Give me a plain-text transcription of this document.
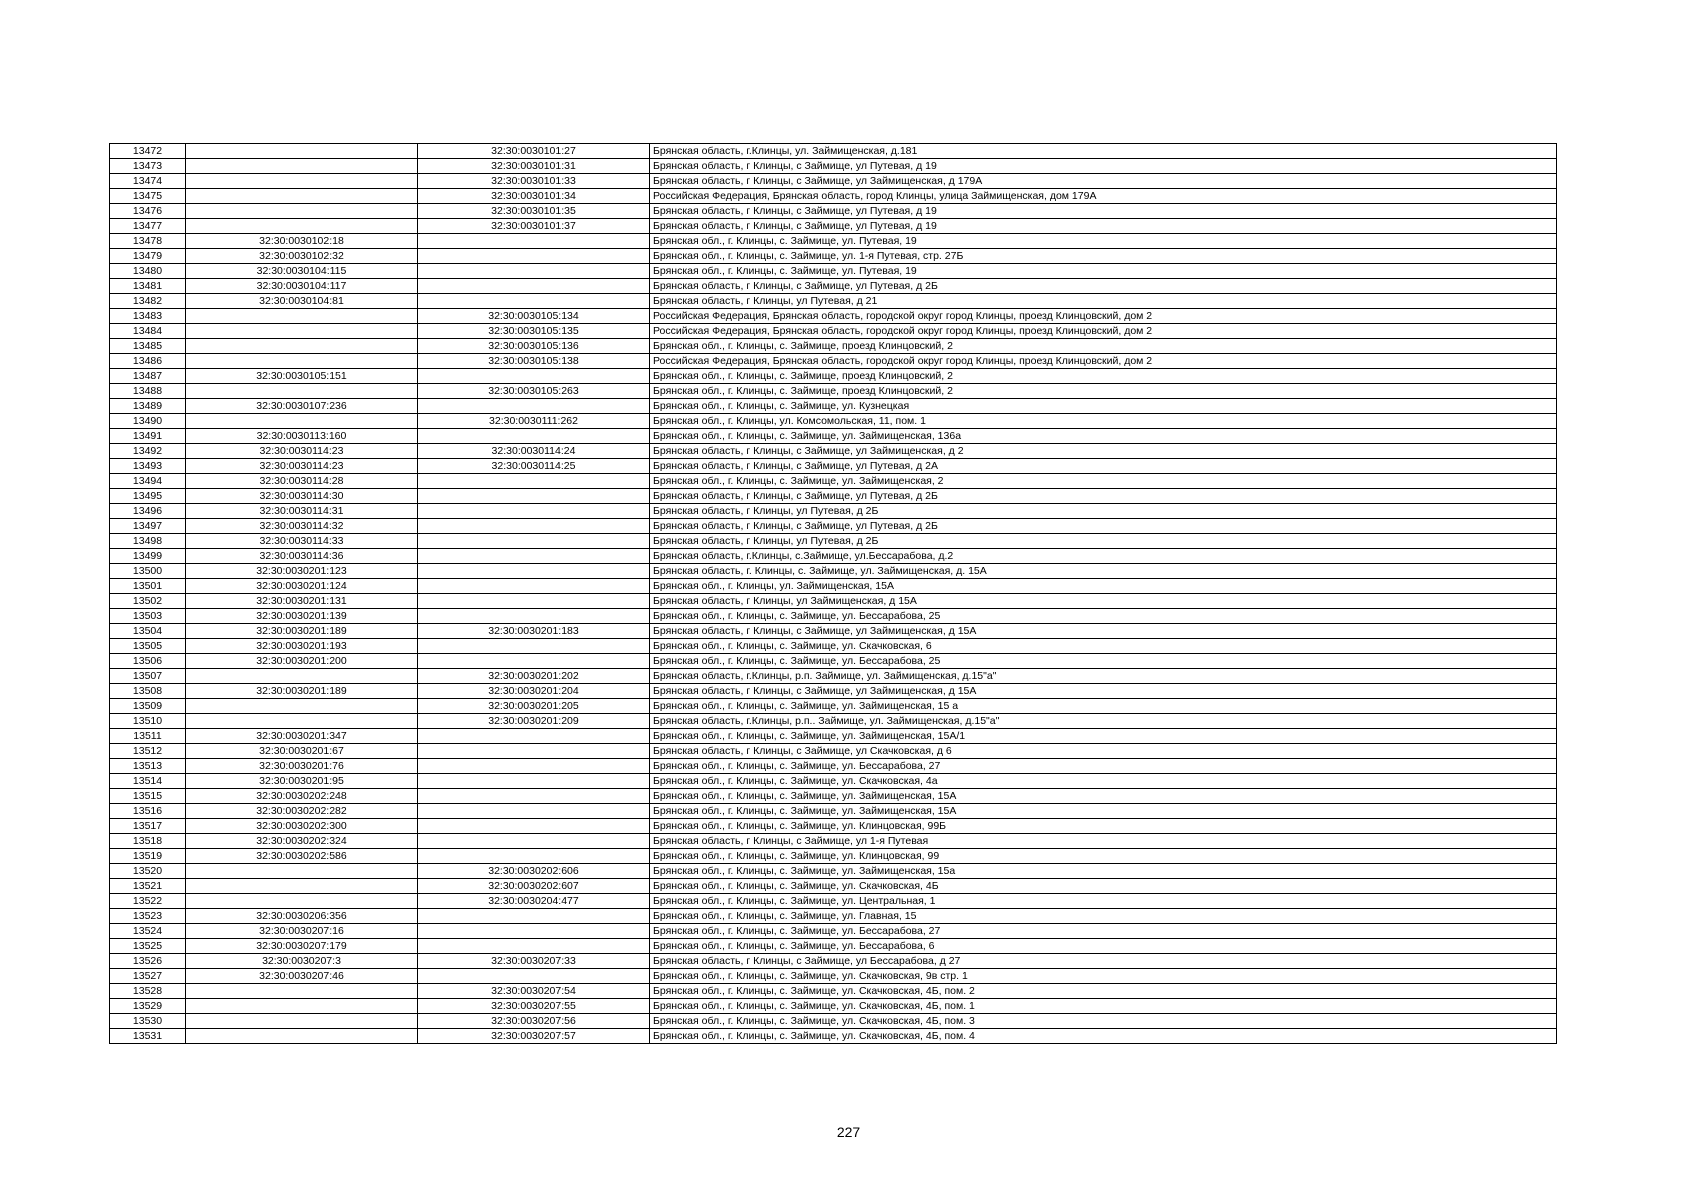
13472		32:30:0030101:27	Брянская область, г.Клинцы, ул. Займищенская, д.181
13473		32:30:0030101:31	Брянская область, г Клинцы, с Займище, ул Путевая, д 19
13474		32:30:0030101:33	Брянская область, г Клинцы, с Займище, ул Займищенская, д 179А
13475		32:30:0030101:34	Российская Федерация, Брянская область, город Клинцы, улица Займищенская, дом 179А
13476		32:30:0030101:35	Брянская область, г Клинцы, с Займище, ул Путевая, д 19
13477		32:30:0030101:37	Брянская область, г Клинцы, с Займище, ул Путевая, д 19
13478	32:30:0030102:18		Брянская обл., г. Клинцы, с. Займище, ул. Путевая, 19
13479	32:30:0030102:32		Брянская обл., г. Клинцы, с. Займище, ул. 1-я Путевая, стр. 27Б
13480	32:30:0030104:115		Брянская обл., г. Клинцы, с. Займище, ул. Путевая, 19
13481	32:30:0030104:117		Брянская область, г Клинцы, с Займище, ул Путевая, д 2Б
13482	32:30:0030104:81		Брянская область, г Клинцы, ул Путевая, д 21
13483		32:30:0030105:134	Российская Федерация, Брянская область, городской округ город Клинцы, проезд Клинцовский, дом 2
13484		32:30:0030105:135	Российская Федерация, Брянская область, городской округ город Клинцы, проезд Клинцовский, дом 2
13485		32:30:0030105:136	Брянская обл., г. Клинцы, с. Займище, проезд Клинцовский, 2
13486		32:30:0030105:138	Российская Федерация, Брянская область, городской округ город Клинцы, проезд Клинцовский, дом 2
13487	32:30:0030105:151		Брянская обл., г. Клинцы, с. Займище, проезд Клинцовский, 2
13488		32:30:0030105:263	Брянская обл., г. Клинцы, с. Займище, проезд Клинцовский, 2
13489	32:30:0030107:236		Брянская обл., г. Клинцы, с. Займище, ул. Кузнецкая
13490		32:30:0030111:262	Брянская обл., г. Клинцы, ул. Комсомольская, 11, пом. 1
13491	32:30:0030113:160		Брянская обл., г. Клинцы, с. Займище, ул. Займищенская, 136а
13492	32:30:0030114:23	32:30:0030114:24	Брянская область, г Клинцы, с Займище, ул Займищенская, д 2
13493	32:30:0030114:23	32:30:0030114:25	Брянская область, г Клинцы, с Займище, ул Путевая, д 2А
13494	32:30:0030114:28		Брянская обл., г. Клинцы, с. Займище, ул. Займищенская, 2
13495	32:30:0030114:30		Брянская область, г Клинцы, с Займище, ул Путевая, д 2Б
13496	32:30:0030114:31		Брянская область, г Клинцы, ул Путевая, д 2Б
13497	32:30:0030114:32		Брянская область, г Клинцы, с Займище, ул Путевая, д 2Б
13498	32:30:0030114:33		Брянская область, г Клинцы, ул Путевая, д 2Б
13499	32:30:0030114:36		Брянская область, г.Клинцы, с.Займище, ул.Бессарабова, д.2
13500	32:30:0030201:123		Брянская область, г. Клинцы, с. Займище, ул. Займищенская, д. 15А
13501	32:30:0030201:124		Брянская обл., г. Клинцы, ул. Займищенская, 15А
13502	32:30:0030201:131		Брянская область, г Клинцы, ул Займищенская, д 15А
13503	32:30:0030201:139		Брянская обл., г. Клинцы, с. Займище, ул. Бессарабова, 25
13504	32:30:0030201:189	32:30:0030201:183	Брянская область, г Клинцы, с Займище, ул Займищенская, д 15А
13505	32:30:0030201:193		Брянская обл., г. Клинцы, с. Займище, ул. Скачковская, 6
13506	32:30:0030201:200		Брянская обл., г. Клинцы, с. Займище, ул. Бессарабова, 25
13507		32:30:0030201:202	Брянская область, г.Клинцы, р.п. Займище, ул. Займищенская, д.15"а"
13508	32:30:0030201:189	32:30:0030201:204	Брянская область, г Клинцы, с Займище, ул Займищенская, д 15А
13509		32:30:0030201:205	Брянская обл., г. Клинцы, с. Займище, ул. Займищенская, 15 а
13510		32:30:0030201:209	Брянская область, г.Клинцы, р.п.. Займище, ул. Займищенская, д.15"а"
13511	32:30:0030201:347		Брянская обл., г. Клинцы, с. Займище, ул. Займищенская, 15А/1
13512	32:30:0030201:67		Брянская область, г Клинцы, с Займище, ул Скачковская, д 6
13513	32:30:0030201:76		Брянская обл., г. Клинцы, с. Займище, ул. Бессарабова, 27
13514	32:30:0030201:95		Брянская обл., г. Клинцы, с. Займище, ул. Скачковская, 4а
13515	32:30:0030202:248		Брянская обл., г. Клинцы, с. Займище, ул. Займищенская, 15А
13516	32:30:0030202:282		Брянская обл., г. Клинцы, с. Займище, ул. Займищенская, 15А
13517	32:30:0030202:300		Брянская обл., г. Клинцы, с. Займище, ул. Клинцовская, 99Б
13518	32:30:0030202:324		Брянская область, г Клинцы, с Займище, ул 1-я Путевая
13519	32:30:0030202:586		Брянская обл., г. Клинцы, с. Займище, ул. Клинцовская, 99
13520		32:30:0030202:606	Брянская обл., г. Клинцы, с. Займище, ул. Займищенская, 15а
13521		32:30:0030202:607	Брянская обл., г. Клинцы, с. Займище, ул. Скачковская, 4Б
13522		32:30:0030204:477	Брянская обл., г. Клинцы, с. Займище, ул. Центральная, 1
13523	32:30:0030206:356		Брянская обл., г. Клинцы, с. Займище, ул. Главная, 15
13524	32:30:0030207:16		Брянская обл., г. Клинцы, с. Займище, ул. Бессарабова, 27
13525	32:30:0030207:179		Брянская обл., г. Клинцы, с. Займище, ул. Бессарабова, 6
13526	32:30:0030207:3	32:30:0030207:33	Брянская область, г Клинцы, с Займище, ул Бессарабова, д 27
13527	32:30:0030207:46		Брянская обл., г. Клинцы, с. Займище, ул. Скачковская, 9в стр. 1
13528		32:30:0030207:54	Брянская обл., г. Клинцы, с. Займище, ул. Скачковская, 4Б, пом. 2
13529		32:30:0030207:55	Брянская обл., г. Клинцы, с. Займище, ул. Скачковская, 4Б, пом. 1
13530		32:30:0030207:56	Брянская обл., г. Клинцы, с. Займище, ул. Скачковская, 4Б, пом. 3
13531		32:30:0030207:57	Брянская обл., г. Клинцы, с. Займище, ул. Скачковская, 4Б, пом. 4
227
